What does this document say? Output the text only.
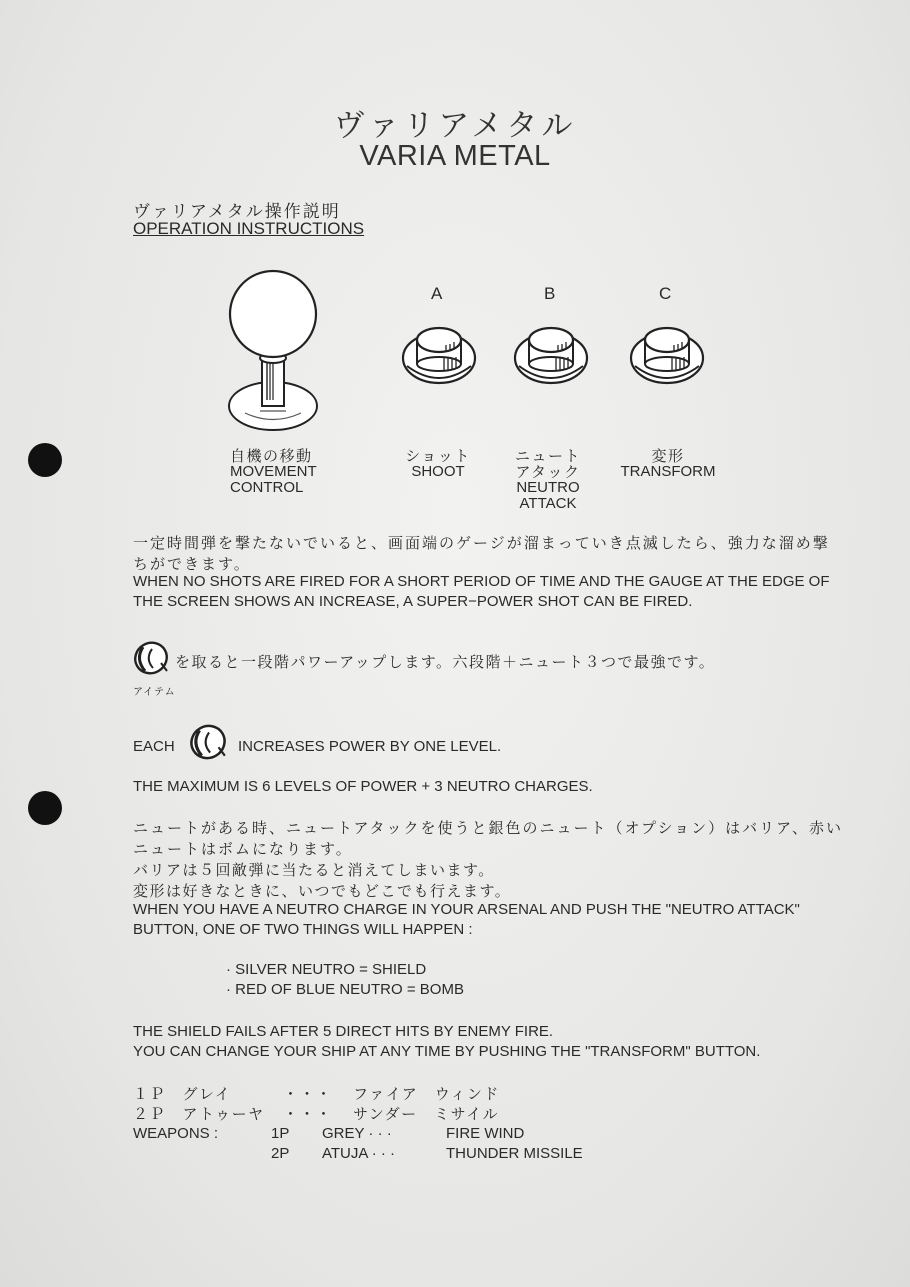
ヴァリアメタル
VARIA METAL
ヴァリアメタル操作説明
OPERATION INSTRUCTIONS
A	B	C
自機の移動
MOVEMENT
CONTROL
ショット
SHOOT
ニュート
アタック
NEUTRO
ATTACK
変形
TRANSFORM
一定時間弾を撃たないでいると、画面端のゲージが溜まっていき点滅したら、強力な溜め撃ちができます。
WHEN NO SHOTS ARE FIRED FOR A SHORT PERIOD OF TIME AND THE GAUGE AT THE EDGE OF THE SCREEN SHOWS AN INCREASE, A SUPER−POWER SHOT CAN BE FIRED.
を取ると一段階パワーアップします。六段階＋ニュート３つで最強です。
アイテム
EACH	INCREASES POWER BY ONE LEVEL.
THE MAXIMUM IS 6 LEVELS OF POWER + 3 NEUTRO CHARGES.
ニュートがある時、ニュートアタックを使うと銀色のニュート（オプション）はバリア、赤いニュートはボムになります。
バリアは５回敵弾に当たると消えてしまいます。
変形は好きなときに、いつでもどこでも行えます。
WHEN YOU HAVE A NEUTRO CHARGE IN YOUR ARSENAL AND PUSH THE "NEUTRO ATTACK" BUTTON, ONE OF TWO THINGS WILL HAPPEN :
· SILVER NEUTRO = SHIELD
· RED OF BLUE NEUTRO = BOMB
THE SHIELD FAILS AFTER 5 DIRECT HITS BY ENEMY FIRE.
YOU CAN CHANGE YOUR SHIP AT ANY TIME BY PUSHING THE "TRANSFORM" BUTTON.
１Ｐ　グレイ	・・・ ファイア　ウィンド
２Ｐ　アトゥーヤ ・・・ サンダー　ミサイル
WEAPONS :	1P GREY · · ·	FIRE WIND
2P ATUJA · · ·	THUNDER MISSILE
